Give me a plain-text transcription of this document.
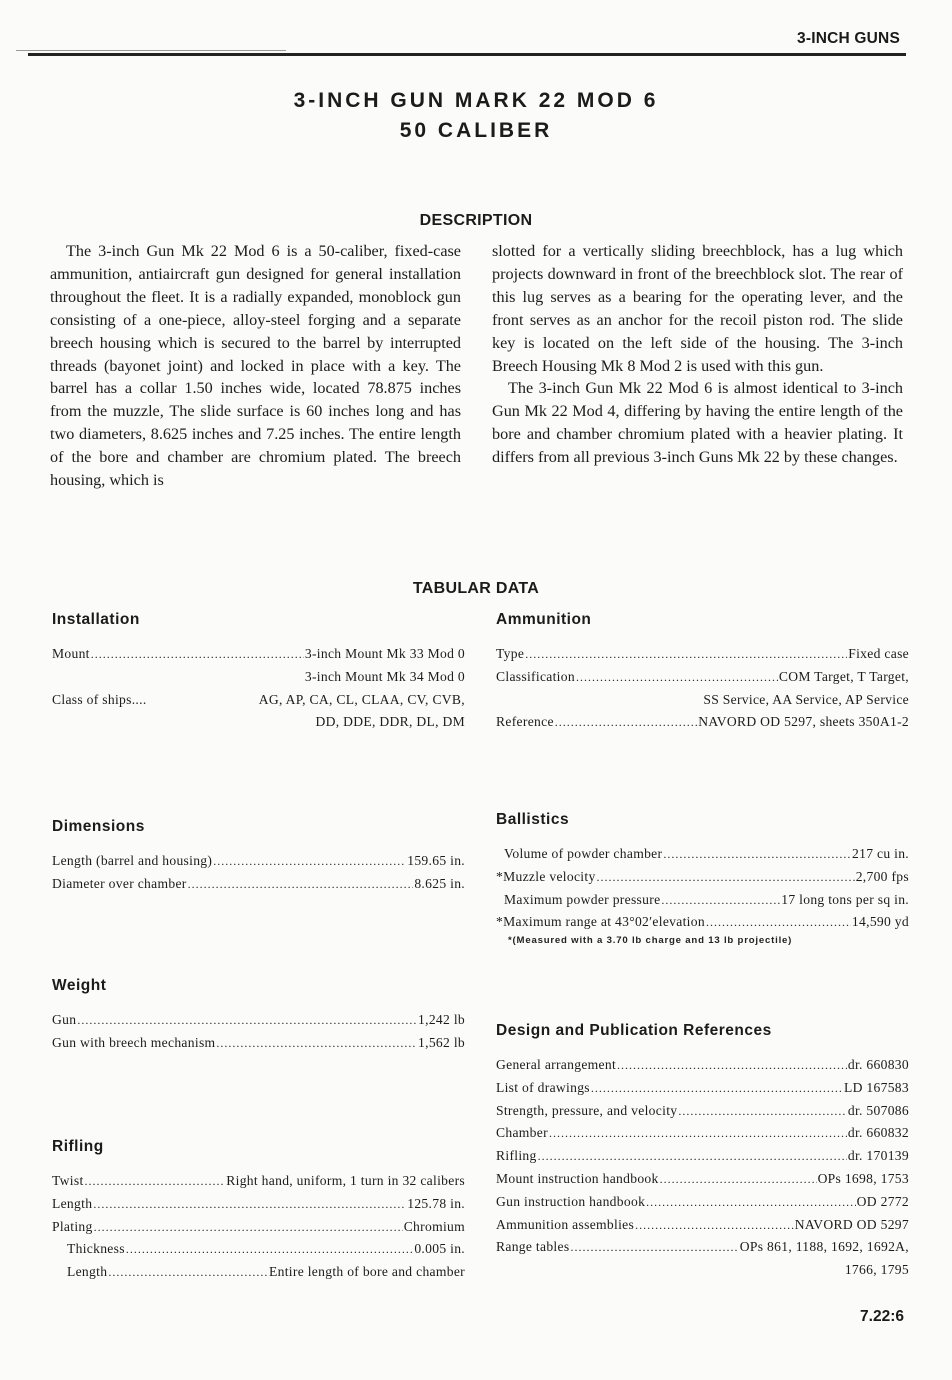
3-INCH GUNS
3-INCH GUN MARK 22 MOD 6
50 CALIBER
DESCRIPTION

The 3-inch Gun Mk 22 Mod 6 is a 50-caliber, fixed-case ammunition, antiaircraft gun designed for general installation throughout the fleet. It is a radially expanded, monoblock gun consisting of a one-piece, alloy-steel forging and a separate breech housing which is secured to the barrel by interrupted threads (bayonet joint) and locked in place with a key. The barrel has a collar 1.50 inches wide, located 78.875 inches from the muzzle, The slide surface is 60 inches long and has two diameters, 8.625 inches and 7.25 inches. The entire length of the bore and chamber are chromium plated. The breech housing, which is

slotted for a vertically sliding breechblock, has a lug which projects downward in front of the breechblock slot. The rear of this lug serves as a bearing for the operating lever, and the front serves as an anchor for the recoil piston rod. The slide key is located on the left side of the housing. The 3-inch Breech Housing Mk 8 Mod 2 is used with this gun.

The 3-inch Gun Mk 22 Mod 6 is almost identical to 3-inch Gun Mk 22 Mod 4, differing by having the entire length of the bore and chamber chromium plated with a heavier plating. It differs from all previous 3-inch Guns Mk 22 by these changes.

TABULAR DATA
Installation
Mount .....	3-inch Mount Mk 33 Mod 0
3-inch Mount Mk 34 Mod 0
Class of ships....	AG, AP, CA, CL, CLAA, CV, CVB,
DD, DDE, DDR, DL, DM
Ammunition
Type .....	Fixed case
Classification .....	COM Target, T Target,
SS Service, AA Service, AP Service
Reference .....	NAVORD OD 5297, sheets 350A1-2
Dimensions
Length (barrel and housing) .....	159.65 in.
Diameter over chamber .....	8.625 in.
Ballistics
Volume of powder chamber .....	217 cu in.
*Muzzle velocity .....	2,700 fps
Maximum powder pressure .....	17 long tons per sq in.
*Maximum range at 43°02′elevation .....	14,590 yd
*(Measured with a 3.70 lb charge and 13 lb projectile)
Weight
Gun .....	1,242 lb
Gun with breech mechanism .....	1,562 lb
Design and Publication References
General arrangement .....	dr. 660830
List of drawings .....	LD 167583
Strength, pressure, and velocity .....	dr. 507086
Chamber .....	dr. 660832
Rifling .....	dr. 170139
Mount instruction handbook .....	OPs 1698, 1753
Gun instruction handbook .....	OD 2772
Ammunition assemblies .....	NAVORD OD 5297
Range tables .....	OPs 861, 1188, 1692, 1692A,
1766, 1795
Rifling
Twist .....	Right hand, uniform, 1 turn in 32 calibers
Length .....	125.78 in.
Plating .....	Chromium
Thickness .....	0.005 in.
Length .....	Entire length of bore and chamber
7.22:6
